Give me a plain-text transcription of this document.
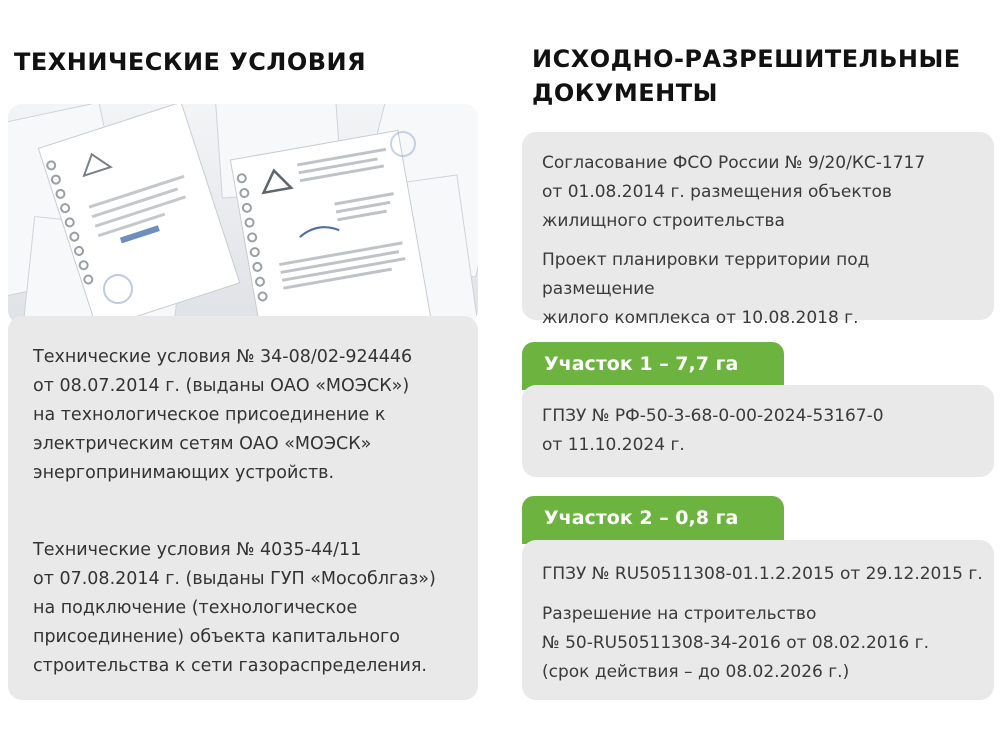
ТЕХНИЧЕСКИЕ УСЛОВИЯ
Технические условия № 34-08/02-924446
от 08.07.2014 г. (выданы ОАО «МОЭСК»)
на технологическое присоединение к
электрическим сетям ОАО «МОЭСК»
энергопринимающих устройств.
Технические условия № 4035-44/11
от 07.08.2014 г. (выданы ГУП «Мособлгаз»)
на подключение (технологическое
присоединение) объекта капитального
строительства к сети газораспределения.
ИСХОДНО-РАЗРЕШИТЕЛЬНЫЕ ДОКУМЕНТЫ
Согласование ФСО России № 9/20/КС-1717
от 01.08.2014 г. размещения объектов
жилищного строительства
Проект планировки территории под размещение
жилого комплекса от 10.08.2018 г.
Участок 1 – 7,7 га
ГПЗУ № РФ-50-3-68-0-00-2024-53167-0
от 11.10.2024 г.
Участок 2 – 0,8 га
ГПЗУ № RU50511308-01.1.2.2015 от 29.12.2015 г.
Разрешение на строительство
№ 50-RU50511308-34-2016 от 08.02.2016 г.
(срок действия – до 08.02.2026 г.)
